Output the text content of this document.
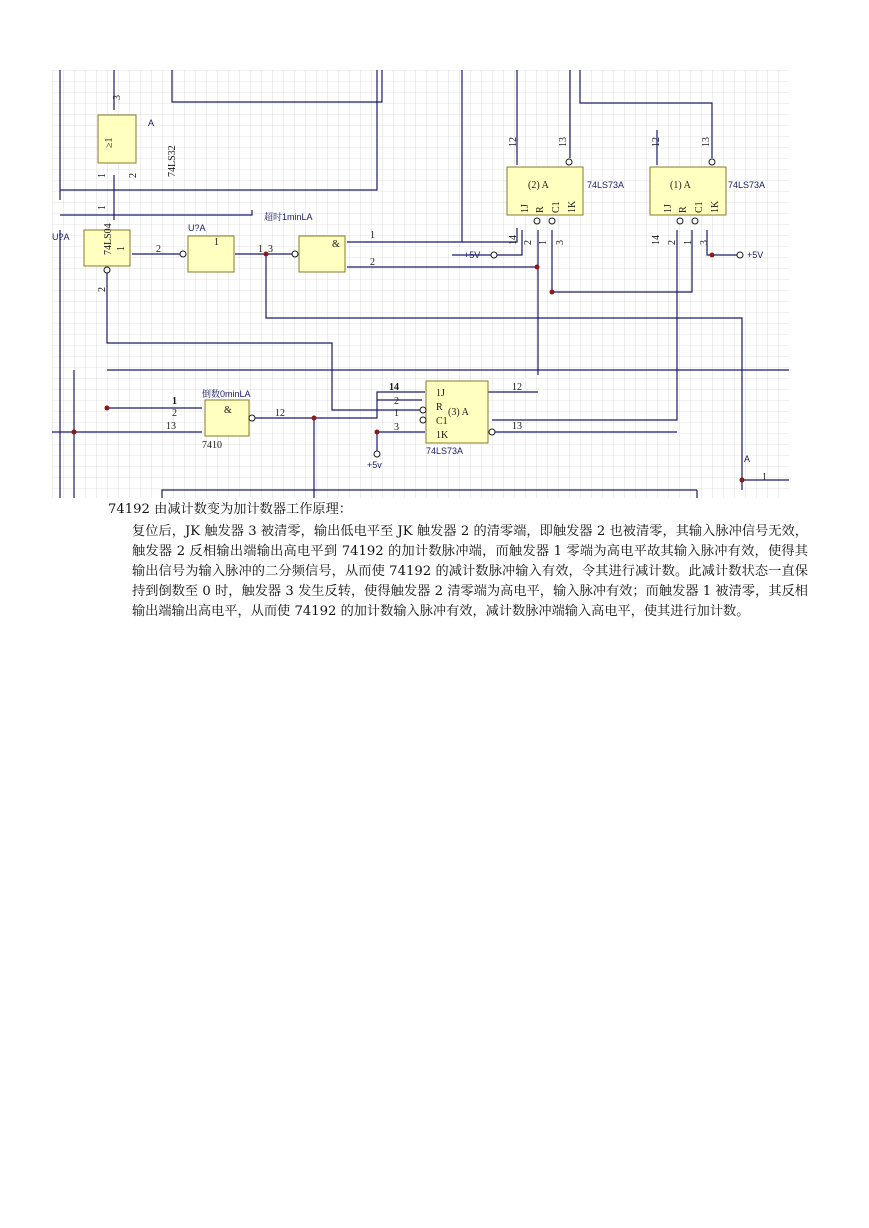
≥1
A
74LS32
3
1 2
U?A	74LS04 1
1
2
U?A
1
2	1 3
超时1minLA
&
1
2
(2) A	74LS73A
1J R C1 1K
12	13
14 2 1 3
+5V
(1) A	74LS73A
1J R C1 1K
12	13
14 2 1 3
+5V
倒数0minLA
&
7410
1
2
13
12
1J
R
C1
1K
(3) A
74LS73A
14
2
1
3
12
13
+5v
A
1

74192 由减计数变为加计数器工作原理：

复位后，JK 触发器 3 被清零，输出低电平至 JK 触发器 2 的清零端，即触发器 2 也被清零，其输入脉冲信号无效，触发器 2 反相输出端输出高电平到 74192 的加计数脉冲端，而触发器 1 零端为高电平故其输入脉冲有效，使得其输出信号为输入脉冲的二分频信号，从而使 74192 的减计数脉冲输入有效，令其进行减计数。此减计数状态一直保持到倒数至 0 时，触发器 3 发生反转，使得触发器 2 清零端为高电平，输入脉冲有效；而触发器 1 被清零，其反相输出端输出高电平，从而使 74192 的加计数输入脉冲有效，减计数脉冲端输入高电平，使其进行加计数。
